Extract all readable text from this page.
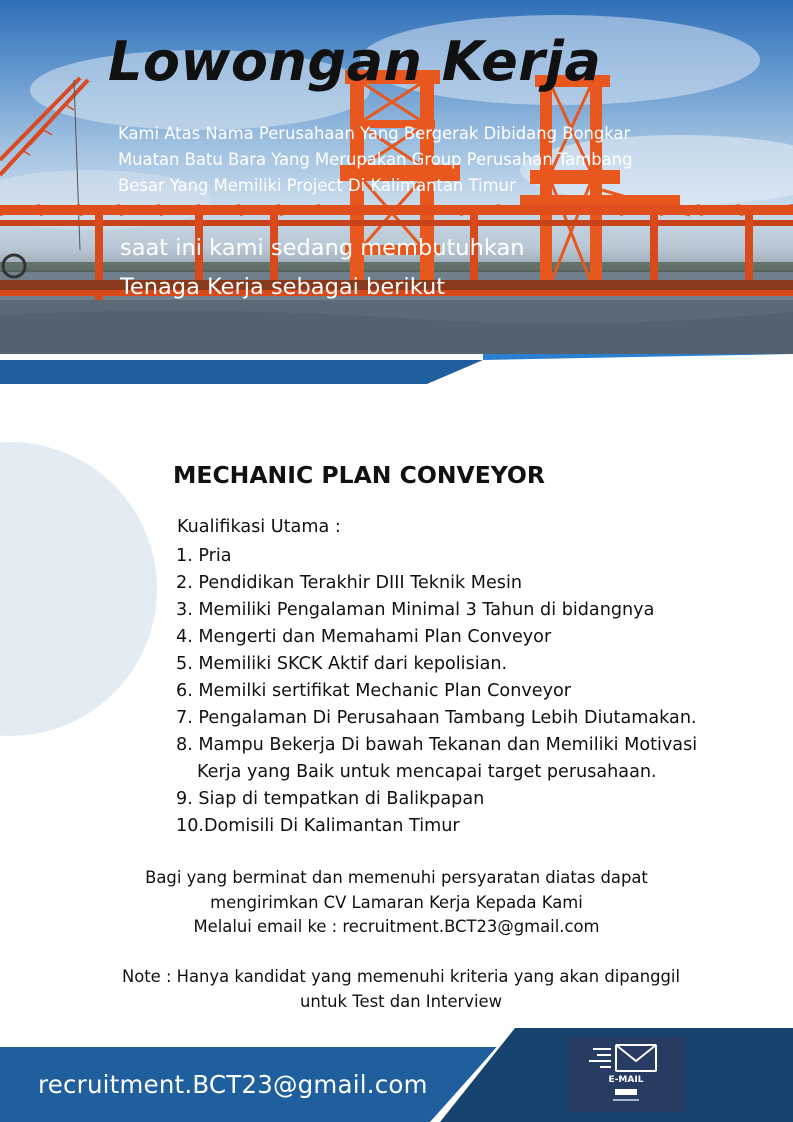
Lowongan Kerja

Kami Atas Nama Perusahaan Yang Bergerak Dibidang Bongkar
Muatan Batu Bara Yang Merupakan Group Perusahan Tambang
Besar Yang Memiliki Project Di Kalimantan Timur

saat ini kami sedang membutuhkan
Tenaga Kerja sebagai berikut

MECHANIC PLAN CONVEYOR

Kualifikasi Utama :

1. Pria
2. Pendidikan Terakhir DIII Teknik Mesin
3. Memiliki Pengalaman Minimal 3 Tahun di bidangnya
4. Mengerti dan Memahami Plan Conveyor
5. Memiliki SKCK Aktif dari kepolisian.
6. Memilki sertifikat Mechanic Plan Conveyor
7. Pengalaman Di Perusahaan Tambang Lebih Diutamakan.
8. Mampu Bekerja Di bawah Tekanan dan Memiliki Motivasi
Kerja yang Baik untuk mencapai target perusahaan.
9. Siap di tempatkan di Balikpapan
10.Domisili Di Kalimantan Timur

Bagi yang berminat dan memenuhi persyaratan diatas dapat
mengirimkan CV Lamaran Kerja Kepada Kami
Melalui email ke : recruitment.BCT23@gmail.com

Note : Hanya kandidat yang memenuhi kriteria yang akan dipanggil
untuk Test dan Interview

recruitment.BCT23@gmail.com	E-MAIL
